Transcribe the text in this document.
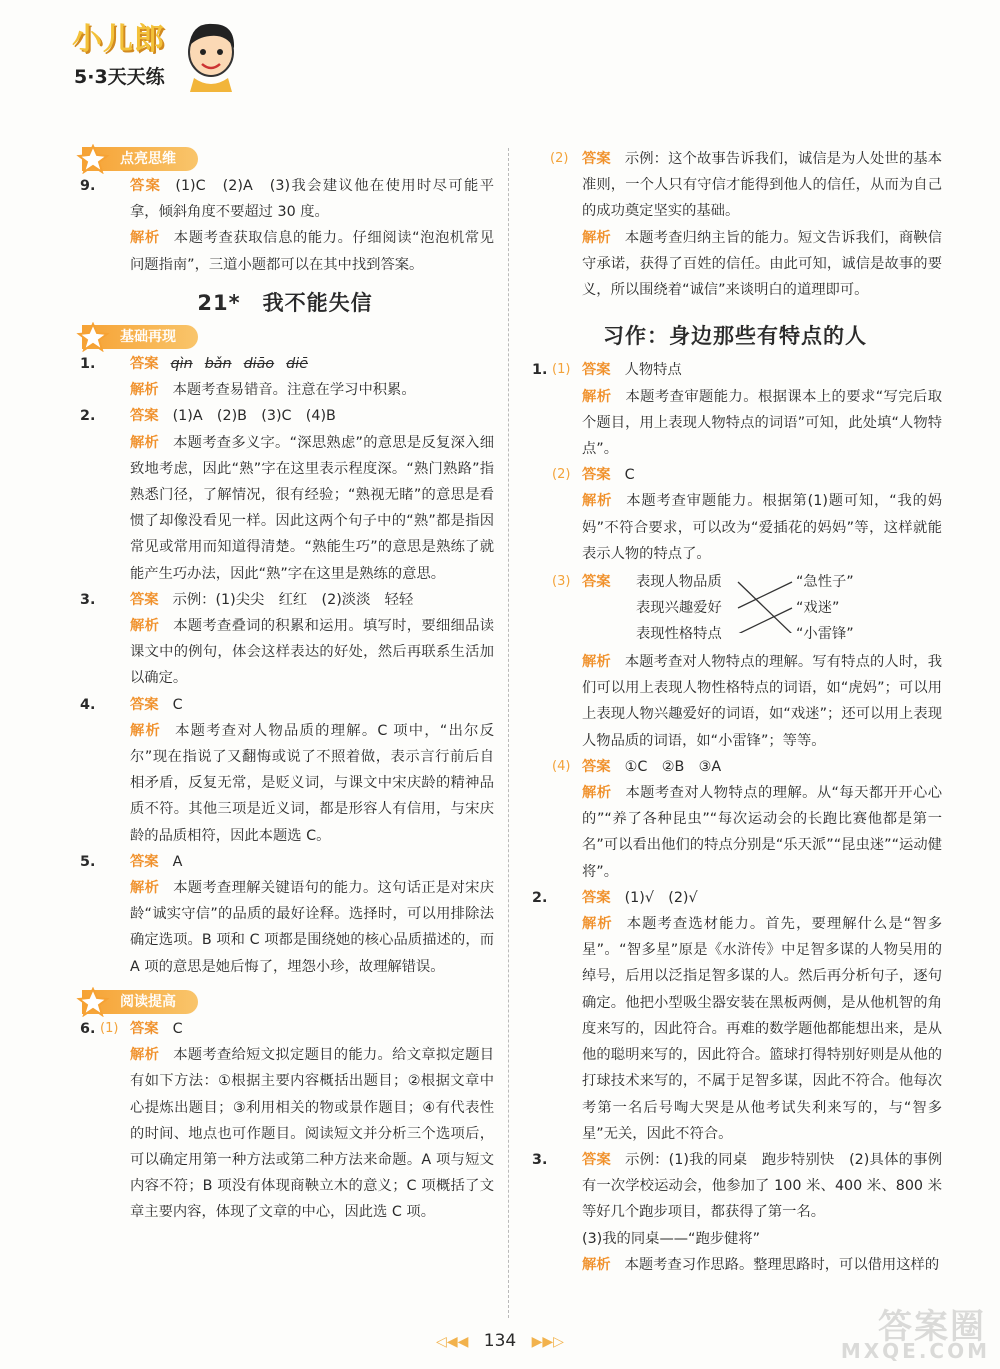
小儿郎
5·3天天练
点亮思维
9. 答案 (1)C　(2)A　(3)我会建议他在使用时尽可能平拿，倾斜角度不要超过 30 度。

解析 本题考查获取信息的能力。仔细阅读“泡泡机常见问题指南”，三道小题都可以在其中找到答案。

21*　我不能失信
基础再现
1. 答案 qìn bǎn diāo diē

解析 本题考查易错音。注意在学习中积累。

2. 答案 (1)A　(2)B　(3)C　(4)B

解析 本题考查多义字。“深思熟虑”的意思是反复深入细致地考虑，因此“熟”字在这里表示程度深。“熟门熟路”指熟悉门径，了解情况，很有经验；“熟视无睹”的意思是看惯了却像没看见一样。因此这两个句子中的“熟”都是指因常见或常用而知道得清楚。“熟能生巧”的意思是熟练了就能产生巧办法，因此“熟”字在这里是熟练的意思。

3. 答案 示例：(1)尖尖　红红　(2)淡淡　轻轻

解析 本题考查叠词的积累和运用。填写时，要细细品读课文中的例句，体会这样表达的好处，然后再联系生活加以确定。

4. 答案 C

解析 本题考查对人物品质的理解。C 项中，“出尔反尔”现在指说了又翻悔或说了不照着做，表示言行前后自相矛盾，反复无常，是贬义词，与课文中宋庆龄的精神品质不符。其他三项是近义词，都是形容人有信用，与宋庆龄的品质相符，因此本题选 C。

5. 答案 A

解析 本题考查理解关键语句的能力。这句话正是对宋庆龄“诚实守信”的品质的最好诠释。选择时，可以用排除法确定选项。B 项和 C 项都是围绕她的核心品质描述的，而 A 项的意思是她后悔了，埋怨小珍，故理解错误。

阅读提高
6. (1) 答案 C

解析 本题考查给短文拟定题目的能力。给文章拟定题目有如下方法：①根据主要内容概括出题目；②根据文章中心提炼出题目；③利用相关的物或景作题目；④有代表性的时间、地点也可作题目。阅读短文并分析三个选项后，可以确定用第一种方法或第二种方法来命题。A 项与短文内容不符；B 项没有体现商鞅立木的意义；C 项概括了文章主要内容，体现了文章的中心，因此选 C 项。

(2) 答案 示例：这个故事告诉我们，诚信是为人处世的基本准则，一个人只有守信才能得到他人的信任，从而为自己的成功奠定坚实的基础。

解析 本题考查归纳主旨的能力。短文告诉我们，商鞅信守承诺，获得了百姓的信任。由此可知，诚信是故事的要义，所以围绕着“诚信”来谈明白的道理即可。

习作：身边那些有特点的人
1. (1) 答案 人物特点

解析 本题考查审题能力。根据课本上的要求“写完后取个题目，用上表现人物特点的词语”可知，此处填“人物特点”。

(2) 答案 C

解析 本题考查审题能力。根据第(1)题可知，“我的妈妈”不符合要求，可以改为“爱插花的妈妈”等，这样就能表示人物的特点了。

(3) 答案 表现人物品质
表现兴趣爱好
表现性格特点
“急性子”
“戏迷”
“小雷锋”

解析 本题考查对人物特点的理解。写有特点的人时，我们可以用上表现人物性格特点的词语，如“虎妈”；可以用上表现人物兴趣爱好的词语，如“戏迷”；还可以用上表现人物品质的词语，如“小雷锋”；等等。

(4) 答案 ①C　②B　③A

解析 本题考查对人物特点的理解。从“每天都开开心心的”“养了各种昆虫”“每次运动会的长跑比赛他都是第一名”可以看出他们的特点分别是“乐天派”“昆虫迷”“运动健将”。

2. 答案 (1)√　(2)√

解析 本题考查选材能力。首先，要理解什么是“智多星”。“智多星”原是《水浒传》中足智多谋的人物吴用的绰号，后用以泛指足智多谋的人。然后再分析句子，逐句确定。他把小型吸尘器安装在黑板两侧，是从他机智的角度来写的，因此符合。再难的数学题他都能想出来，是从他的聪明来写的，因此符合。篮球打得特别好则是从他的打球技术来写的，不属于足智多谋，因此不符合。他每次考第一名后号啕大哭是从他考试失利来写的，与“智多星”无关，因此不符合。

3. 答案 示例：(1)我的同桌　跑步特别快　(2)具体的事例　有一次学校运动会，他参加了 100 米、400 米、800 米等好几个跑步项目，都获得了第一名。

(3)我的同桌——“跑步健将”

解析 本题考查习作思路。整理思路时，可以借用这样的

◁◀◀ 134 ▶▶▷	答案圈
MXQE.COM
